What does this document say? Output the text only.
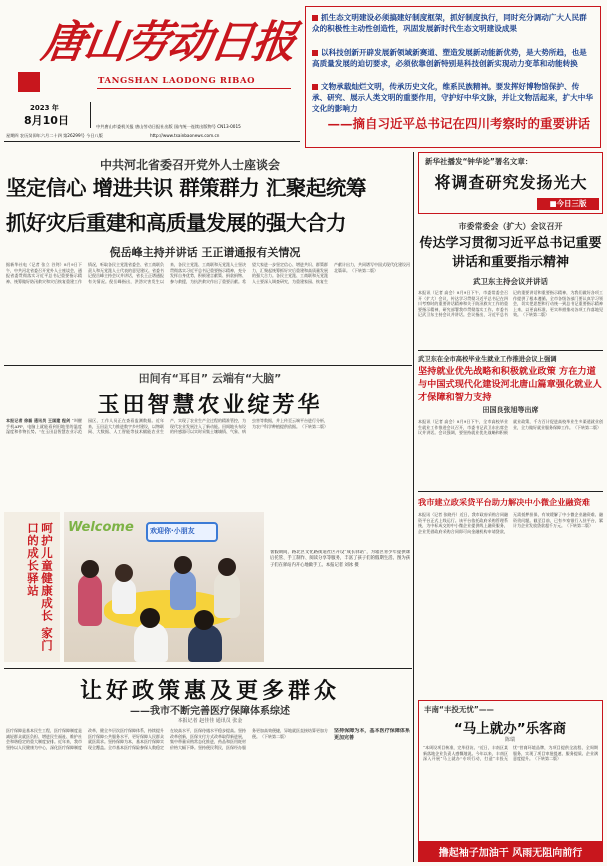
唐山劳动日报
TANGSHAN LAODONG RIBAO
2023 年
8月10日	中共唐山市委机关报 唐山劳动日报社出版 国内统一连续出版物号 CN13-0015
星期四 农历癸卯年六月二十四 第26299号 今日八版	http://www.tsainbaonews.com.cn
抓生态文明建设必须搞建好制度框架，抓好制度执行，同时充分调动广大人民群众的积极性主动性创造性，巩固发展新时代生态文明建设成果
以科技创新开辟发展新领域新赛道、塑造发展新动能新优势，是大势所趋，也是高质量发展的迫切要求，必须依靠创新特别是科技创新实现动力变革和动能转换
文物承载灿烂文明，传承历史文化，维系民族精神。要发挥好博物馆保护、传承、研究、展示人类文明的重要作用，守护好中华文脉，并让文物活起来，扩大中华文化的影响力
——摘自习近平总书记在四川考察时的重要讲话
中共河北省委召开党外人士座谈会
坚定信心 增进共识 群策群力 汇聚起统筹
抓好灾后重建和高质量发展的强大合力
倪岳峰主持并讲话 王正谱通报有关情况
据新华社电（记者 张立 谷剑）8月9日下午，中共河北省委召开党外人士座谈会，通报省委贯彻落实习近平总书记重要指示精神、统筹做好防汛救灾和灾后恢复重建工作情况，听取各民主党派省委会、省工商联负责人和无党派人士代表的意见建议。省委书记倪岳峰主持会议并讲话，省长王正谱通报有关情况。倪岳峰指出，洪涝灾害发生以来，各民主党派、工商联和无党派人士坚决贯彻落实习近平总书记重要指示精神，充分发挥自身优势，积极建言献策、捐款捐物、参与救援，为抗洪救灾作出了重要贡献。希望大家进一步坚定信心、增进共识、群策群力，汇聚起统筹抓好灾后重建和高质量发展的强大合力。各民主党派、工商联和无党派人士要深入调查研究，为重建家园、恢复生产献计出力，共同谱写中国式现代化建设河北篇章。（下转第二版）
田间有“耳目” 云端有“大脑”
玉田智慧农业绽芳华
本报记者 徐磊 通讯员 王国建 程剑 “叫醒手机APP，电脑上就能看到田地里的温度湿度和作物长势。”在玉田县智慧农业示范园区，工作人员正在查看监测数据。近年来，玉田县大力推进数字乡村建设，以物联网、大数据、人工智能等技术赋能农业生产，实现了农业生产全过程的精准管控，为现代农业发展注入了新动能。田间地头布设的传感器可以实时采集土壤墒情、气象、病虫害等数据，并上传至云端平台进行分析，为农户科学种植提供依据。（下转第二版）
呵护儿童健康成长 家门口的成长驿站	Welcome 欢迎你·小朋友
暑假期间，路北区文化路街道社区开设“成长驿站”，为辖区青少年提供课后托管、手工制作、阅读分享等服务，丰富了孩子们的假期生活。图为孩子们在驿站内开心地做手工。本报记者 刘冰 摄
让好政策惠及更多群众
——我市不断完善医疗保障体系综述
本报记者 赵佳佳 通讯员 张金
医疗保障是基本民生工程，医疗保障制度是减轻群众就医负担、增进民生福祉、维护社会和谐稳定的重大制度安排。近年来，我市坚持以人民健康为中心，深化医疗保障制度改革，健全多层次医疗保障体系，持续提升医疗保障公共服务水平，更好保障人民群众就医需求。坚持保障为本，基本医疗保障实现全覆盖。全市基本医疗保险参保人数稳定在较高水平，医保待遇水平稳步提高。坚持改革创新，医保支付方式改革取得新进展，集中带量采购常态化推进，药品和医用耗材价格大幅下降。坚持便民利民，医保经办服务更加高效便捷，异地就医直接结算更加方便。（下转第二版）
坚持保障为本，基本医疗保障体系更加完善
新华社播发“钟华论”署名文章：
将调查研究发扬光大
■今日三版
市委常委会（扩大）会议召开
传达学习贯彻习近平总书记重要讲话和重要指示精神
武卫东主持会议并讲话
本报讯（记者 高会）8月9日下午，市委常委会召开（扩大）会议，传达学习贯彻习近平总书记在四川考察时的重要讲话精神和关于防汛救灾工作的重要指示精神，研究部署我市贯彻落实工作。市委书记武卫东主持会议并讲话。会议指出，习近平总书记的重要讲话和重要指示精神，为我们做好各项工作提供了根本遵循。全市各级各部门要认真学习领会，切实把思想和行动统一到总书记重要指示精神上来，以更高标准、更实举措推动各项工作落地见效。（下转第二版）
武卫东在全市高校毕业生就业工作推进会议上强调
坚持就业优先战略和积极就业政策 方在力道与中国式现代化建设河北唐山篇章强化就业人才保障和智力支持
田国良张旭等出席
本报讯（记者 高会）8月9日下午，全市高校毕业生就业工作推进会议召开，市委书记武卫东出席会议并讲话。会议强调，要坚持就业优先战略和积极就业政策，千方百计促进高校毕业生多渠道就业创业，全力做好就业服务保障工作。（下转第二版）
我市建立政采贷平台助力解决中小微企业融资难
本报讯（记者 张晓丹）近日，我市政府采购合同融资平台正式上线运行。该平台依托政府采购管理系统，为中标成交的中小微企业提供线上融资服务，企业凭借政府采购合同即可向金融机构申请贷款，无需抵押担保，有效缓解了中小微企业融资难、融资贵问题。截至目前，已有多家银行入驻平台，累计为企业发放贷款超千万元。（下转第二版）
丰南“丰投无忧”——
“马上就办”乐客商
陈瑞
“本周设项目核准，完毕回访。”近日，丰南区某新落地企业负责人感慨地说。今年以来，丰南区深入开展“马上就办”专项行动，打造“丰投无忧”营商环境品牌，为项目提供全流程、全周期服务，实现了项目审批提速、服务提质、企业满意度提升。（下转第二版）
撸起袖子加油干 风雨无阻向前行
